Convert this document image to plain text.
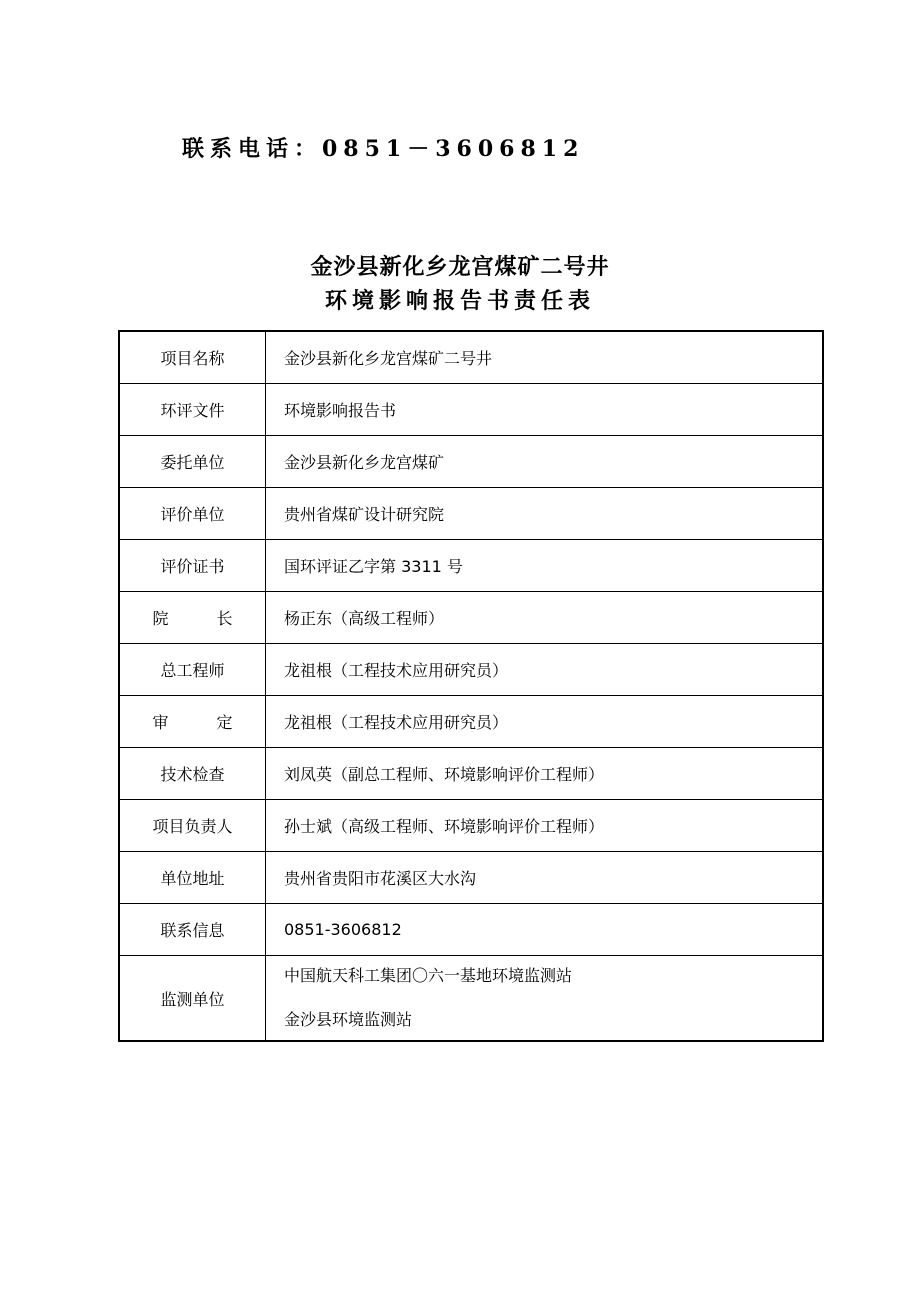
联系电话：0851－3606812
金沙县新化乡龙宫煤矿二号井
环境影响报告书责任表
项目名称	金沙县新化乡龙宫煤矿二号井
环评文件	环境影响报告书
委托单位	金沙县新化乡龙宫煤矿
评价单位	贵州省煤矿设计研究院
评价证书	国环评证乙字第 3311 号
院 长	杨正东（高级工程师）
总工程师	龙祖根（工程技术应用研究员）
审 定	龙祖根（工程技术应用研究员）
技术检查	刘凤英（副总工程师、环境影响评价工程师）
项目负责人	孙士斌（高级工程师、环境影响评价工程师）
单位地址	贵州省贵阳市花溪区大水沟
联系信息	0851-3606812
监测单位	中国航天科工集团〇六一基地环境监测站
金沙县环境监测站
